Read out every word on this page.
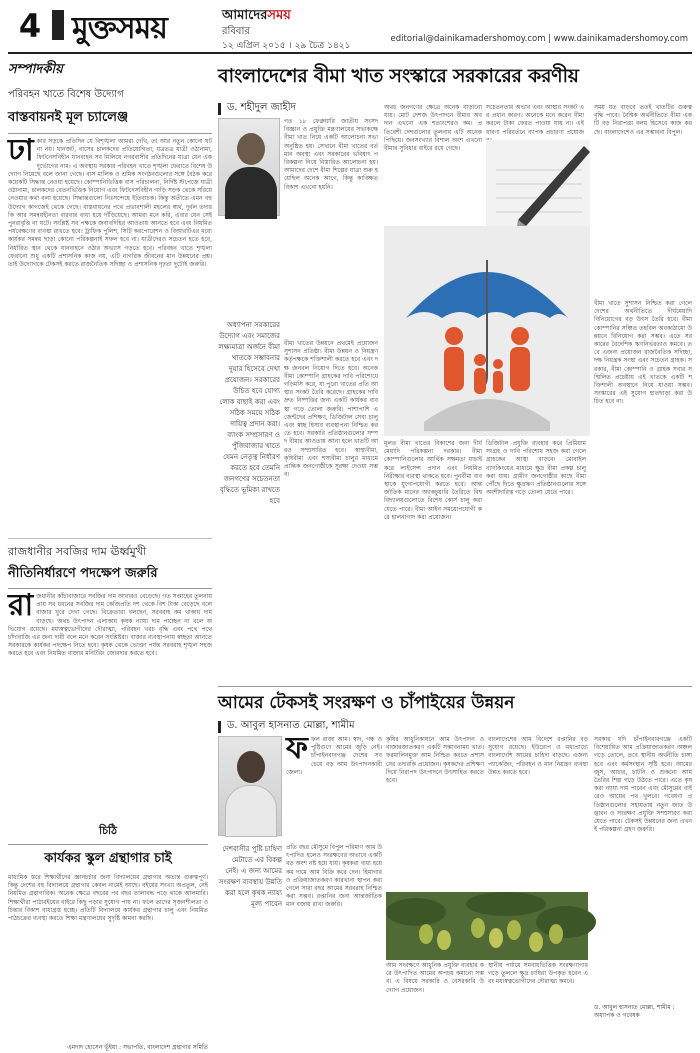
4	মুক্তসময়	আমাদেরসময়
রবিবার
১২ এপ্রিল ২০১৫ । ২৯ চৈত্র ১৪২১
editorial@dainikamadershomoy.com | www.dainikamadershomoy.com
সম্পাদকীয়
পরিবহন খাতে বিশেষ উদ্যোগ
বাস্তবায়নই মূল চ্যালেঞ্জ
ঢাকার সড়কে প্রতিদিন যে বিশৃঙ্খলা আমরা দেখি, তা আর নতুন কোনো ঘটনা নয়। যানজট, বাসের চালকদের প্রতিযোগিতা, যত্রতত্র যাত্রী ওঠানামা, ফিটনেসবিহীন যানবাহন সব মিলিয়ে নগরবাসীর প্রতিদিনের যাত্রা যেন এক দুর্ভোগের নাম। এ অবস্থায় সরকার পরিবহন খাতে শৃঙ্খলা ফেরাতে বিশেষ উদ্যোগ নিয়েছে বলে জানা গেছে। বাস মালিক ও শ্রমিক সংগঠনগুলোর সঙ্গে বৈঠক করে কয়েকটি সিদ্ধান্ত নেওয়া হয়েছে। কোম্পানিভিত্তিক বাস পরিচালনা, নির্দিষ্ট স্টপেজে যাত্রী ওঠানামা, চালকদের বেতনভিত্তিক নিয়োগ এবং ফিটনেসবিহীন গাড়ি সড়ক থেকে সরিয়ে নেওয়ার কথা বলা হয়েছে। সিদ্ধান্তগুলো নিঃসন্দেহে ইতিবাচক। কিন্তু অতীতে এমন বহু উদ্যোগ কাগজেই থেকে গেছে। বাস্তবায়নের পথে প্রভাবশালী মহলের স্বার্থ, দুর্বল তদারকি আর সমন্বয়হীনতা বারবার বাধা হয়ে দাঁড়িয়েছে। আমরা মনে করি, এবার যেন সেই পুনরাবৃত্তি না ঘটে। সংশ্লিষ্ট সব পক্ষকে জবাবদিহির আওতায় আনতে হবে এবং নিয়মিত পর্যবেক্ষণের ব্যবস্থা রাখতে হবে। ট্রাফিক পুলিশ, সিটি করপোরেশন ও বিআরটিএর মধ্যে কার্যকর সমন্বয় ছাড়া কোনো পরিকল্পনাই সফল হবে না। যাত্রীদেরও সচেতন হতে হবে, নির্ধারিত স্থান থেকে যানবাহনে ওঠার অভ্যাস গড়তে হবে। পরিবহন খাতে শৃঙ্খলা ফেরানো শুধু একটি প্রশাসনিক কাজ নয়, এটি নাগরিক জীবনের মান উন্নয়নের প্রশ্ন। তাই উদ্যোগকে টেকসই করতে রাজনৈতিক সদিচ্ছা ও প্রশাসনিক দৃঢ়তা দুটোই জরুরি।
রাজধানীর সবজির দাম ঊর্ধ্বমুখী
নীতিনির্ধারণে পদক্ষেপ জরুরি
রাজধানীর কাঁচাবাজারে সবজির দাম আবারও বেড়েছে। গত সপ্তাহের তুলনায় প্রায় সব ধরনের সবজির দাম কেজিপ্রতি দশ থেকে বিশ টাকা বেড়েছে বলে বাজার ঘুরে দেখা গেছে। বিক্রেতারা বলছেন, সরবরাহ কম থাকায় দাম বাড়ছে। অথচ উৎপাদন এলাকায় কৃষক ন্যায্য দাম পাচ্ছেন না বলে অভিযোগ রয়েছে। মধ্যস্বত্বভোগীদের দৌরাত্ম্য, পরিবহন খরচ বৃদ্ধি এবং পথে পথে চাঁদাবাজি এর জন্য দায়ী বলে মনে করেন সংশ্লিষ্টরা। বাজার ব্যবস্থাপনায় স্বচ্ছতা আনতে সরকারকে কার্যকর পদক্ষেপ নিতে হবে। কৃষক থেকে ভোক্তা পর্যন্ত সরবরাহ শৃঙ্খল সহজ করতে হবে এবং নিয়মিত বাজার মনিটরিং জোরদার করতে হবে।
চিঠি
কার্যকর স্কুল গ্রন্থাগার চাই
মাধ্যমিক স্তরে শিক্ষার্থীদের জ্ঞানচর্চার জন্য বিদ্যালয়ের গ্রন্থাগার অত্যন্ত গুরুত্বপূর্ণ। কিন্তু দেশের বহু বিদ্যালয়ে গ্রন্থাগার কেবল নামেই আছে। বইয়ের সংখ্যা অপ্রতুল, নেই নিয়মিত গ্রন্থাগারিক। অনেক ক্ষেত্রে বছরের পর বছর তালাবদ্ধ পড়ে থাকে আলমারি। শিক্ষার্থীরা পাঠ্যবইয়ের বাইরে কিছু পড়ার সুযোগ পায় না। ফলে তাদের সৃজনশীলতা ও চিন্তার বিকাশ বাধাগ্রস্ত হচ্ছে। প্রতিটি বিদ্যালয়ে কার্যকর গ্রন্থাগার চালু এবং নিয়মিত পাঠচক্রের ব্যবস্থা করতে শিক্ষা মন্ত্রণালয়ের সুদৃষ্টি কামনা করছি।
এমদাদ হোসেন ভূঁইয়া : সভাপতি, বাংলাদেশ গ্রন্থাগার সমিতি
বাংলাদেশের বীমা খাত সংস্কারে সরকারের করণীয়
ড. শহীদুল জাহীদ
গত ১৮ ফেব্রুয়ারি জাতীয় সংসদ বিজ্ঞান ও প্রযুক্তি মন্ত্রণালয়ের সভাকক্ষে বীমা খাত নিয়ে একটি আলোচনা সভা অনুষ্ঠিত হয়। সেখানে বীমা খাতের বর্তমান অবস্থা এবং সরকারের ভবিষ্যৎ পরিকল্পনা নিয়ে বিস্তারিত আলোচনা হয়। আমাদের দেশে বীমা শিল্পের যাত্রা শুরু হয়েছিল অনেক আগে, কিন্তু কাঙ্ক্ষিত বিকাশ এখনো হয়নি।
অধ্যাপনা সরকারের উদ্যোগ এবং সমাজের লক্ষ্যমাত্রা অর্জনে বীমা খাতকে সম্ভাবনার দুয়ার হিসেবে দেখা প্রয়োজন। সরকারের উচিত হবে যোগ্য লোক বাছাই করা এবং সঠিক সময়ে সঠিক দায়িত্ব প্রদান করা। ব্যাংক সম্প্রসারণ ও পুঁজিবাজার খাতে যেমন নেতৃত্ব নির্ধারণ করতে হবে তেমনি জনগণের সচেতনতা বৃদ্ধিতে ভূমিকা রাখতে হবে
বীমা খাতের উন্নয়নে প্রথমেই প্রয়োজন সুশাসন প্রতিষ্ঠা। বীমা উন্নয়ন ও নিয়ন্ত্রণ কর্তৃপক্ষকে শক্তিশালী করতে হবে এবং দক্ষ জনবল নিয়োগ দিতে হবে। অনেক বীমা কোম্পানি গ্রাহকের দাবি পরিশোধে গড়িমসি করে, যা পুরো খাতের প্রতি আস্থার সংকট তৈরি করেছে। গ্রাহকের দাবি দ্রুত নিষ্পত্তির জন্য একটি কার্যকর ব্যবস্থা গড়ে তোলা জরুরি। পাশাপাশি এজেন্টদের প্রশিক্ষণ, ডিজিটাল সেবা চালু এবং স্বচ্ছ হিসাব ব্যবস্থাপনা নিশ্চিত করতে হবে। সরকারি প্রতিষ্ঠানগুলোর সম্পদ বীমার আওতায় আনা হলে খাতটি আরও সম্প্রসারিত হবে। স্বাস্থ্যবীমা, কৃষিবীমা এবং শস্যবীমা চালুর মাধ্যমে প্রান্তিক জনগোষ্ঠীকে সুরক্ষা দেওয়া সম্ভব।
অথচ জনগণের ক্ষেত্রে অনেক বাড়ানো যায়। মোট দেশজ উৎপাদনে বীমার অবদান এখনো এক শতাংশেরও কম। প্রতিবেশী দেশগুলোর তুলনায় এটি অনেক পিছিয়ে। জনসংখ্যার বিশাল অংশ এখনো বীমার সুবিধার বাইরে রয়ে গেছে।
সচেতনতার অভাব এবং আস্থার সংকট এর প্রধান কারণ। অনেকে মনে করেন বীমা করলে টাকা ফেরত পাওয়া যায় না। এই ধারণা পরিবর্তনে ব্যাপক প্রচারণা প্রয়োজ
সময় যত বাড়বে ততই খাতটির গুরুত্ব বৃদ্ধি পাবে। বৈশ্বিক অর্থনীতিতে বীমা একটি বড় নিরাপত্তা বলয় হিসেবে কাজ করছে। বাংলাদেশেও এর সম্ভাবনা বিপুল।
মূলত বীমা খাতের বিকাশের জন্য দীর্ঘমেয়াদি পরিকল্পনা দরকার। বীমা কোম্পানিগুলোর আর্থিক সক্ষমতা যাচাই করে লাইসেন্স প্রদান এবং নিয়মিত নিরীক্ষার ব্যবস্থা থাকতে হবে। পুনর্বীমা ব্যবস্থাকে যুগোপযোগী করতে হবে। আন্তর্জাতিক মানের অ্যাকচুয়ারি তৈরিতে বিশ্ববিদ্যালয়গুলোতে বিশেষ কোর্স চালু করা যেতে পারে। বীমা আইন সময়োপযোগী করে হালনাগাদ করা প্রয়োজন।
ডিজিটাল প্রযুক্তি ব্যবহার করে প্রিমিয়াম সংগ্রহ ও দাবি পরিশোধ সহজ করা গেলে গ্রাহকের আস্থা বাড়বে। মোবাইল ব্যাংকিংয়ের মাধ্যমে ক্ষুদ্র বীমা প্রকল্প চালু করা যায়। গ্রামীণ জনগোষ্ঠীর কাছে বীমা পৌঁছে দিতে ক্ষুদ্রঋণ প্রতিষ্ঠানগুলোর সঙ্গে অংশীদারিত্ব গড়ে তোলা যেতে পারে।
বীমা খাতে সুশাসন নিশ্চিত করা গেলে দেশের অর্থনীতিতে দীর্ঘমেয়াদি বিনিয়োগের বড় উৎস তৈরি হবে। বীমা কোম্পানির সঞ্চিত তহবিল অবকাঠামো উন্নয়নে বিনিয়োগ করা সম্ভব। এতে সরকারের বৈদেশিক ঋণনির্ভরতাও কমবে। তবে এজন্য প্রয়োজন রাজনৈতিক সদিচ্ছা, দক্ষ নিয়ন্ত্রক সংস্থা এবং সচেতন গ্রাহক। সরকার, বীমা কোম্পানি ও গ্রাহক সবার সম্মিলিত প্রচেষ্টায় এই খাতকে একটি শক্তিশালী অবস্থানে নিয়ে যাওয়া সম্ভব। সংস্কারের এই সুযোগ হাতছাড়া করা উচিত হবে না।
আমের টেকসই সংরক্ষণ ও চাঁপাইয়ের উন্নয়ন
ড. আবুল হাসনাত মোল্লা, শামীম
ফফল রাজা আম। স্বাদ, গন্ধ ও পুষ্টিগুণে আমের জুড়ি নেই। চাঁপাইনবাবগঞ্জ দেশের সবচেয়ে বড় আম উৎপাদনকারী জেলা।
দেশবাসীর পুষ্টি চাহিদা মেটাতে এর বিকল্প নেই। এ জন্য আমের সংরক্ষণ ব্যবস্থায় উন্নতি করা হলে কৃষক ন্যায্য মূল্য পাবেন
প্রতি বছর মৌসুমে বিপুল পরিমাণ আম উৎপাদিত হলেও সংরক্ষণের অভাবে একটি বড় অংশ নষ্ট হয়ে যায়। কৃষকরা বাধ্য হয়ে কম দামে আম বিক্রি করে দেন। হিমাগার ও প্রক্রিয়াজাতকরণ কারখানা স্থাপন করা গেলে সারা বছর আমের সরবরাহ নিশ্চিত করা সম্ভব। রপ্তানির জন্য আন্তর্জাতিক মান বজায় রাখা জরুরি।
কৃষির আধুনিকায়নে আম উৎপাদন ও বাজারজাতকরণ একটি সম্ভাবনাময় খাত। ফরমালিনমুক্ত আম নিশ্চিত করতে প্রশাসনের তদারকি প্রয়োজন। কৃষকদের প্রশিক্ষণ দিয়ে নিরাপদ উৎপাদনে উৎসাহিত করতে হবে।
বাংলাদেশের আম বিদেশে রপ্তানির বড় সুযোগ রয়েছে। ইউরোপ ও মধ্যপ্রাচ্যে বাংলাদেশি আমের চাহিদা বাড়ছে। এজন্য প্যাকেজিং, পরিবহন ও মান নিয়ন্ত্রণ ব্যবস্থা উন্নত করতে হবে।
আম সংরক্ষণে আধুনিক প্রযুক্তি ব্যবহার করে উৎপাদিত আমের অপচয় কমানো সম্ভব। এ বিষয়ে সরকারি ও বেসরকারি উদ্যোগ প্রয়োজন।
স্থানীয় পর্যায়ে সমবায়ভিত্তিক সংরক্ষণাগার গড়ে তুললে ক্ষুদ্র চাষিরা উপকৃত হবেন এবং মধ্যস্বত্বভোগীদের দৌরাত্ম্য কমবে।
সরকার যদি চাঁপাইনবাবগঞ্জে একটি বিশেষায়িত আম প্রক্রিয়াজাতকরণ অঞ্চল গড়ে তোলে, তবে স্থানীয় অর্থনীতি চাঙ্গা হবে এবং কর্মসংস্থান সৃষ্টি হবে। আমের জুস, আচার, চাটনি ও শুকনো আম তৈরির শিল্প গড়ে উঠতে পারে। এতে কৃষকরা ন্যায্য দাম পাবেন এবং মৌসুমের বাইরেও আয়ের পথ খুলবে। গবেষণা প্রতিষ্ঠানগুলোর সহায়তায় নতুন জাত উদ্ভাবন ও সংরক্ষণ প্রযুক্তি সম্প্রসারণ করা যেতে পারে। টেকসই উন্নয়নের জন্য এখনই পরিকল্পনা গ্রহণ জরুরি।
ড. আবুল হাসনাত মোল্লা, শামীম : অধ্যাপক ও গবেষক
